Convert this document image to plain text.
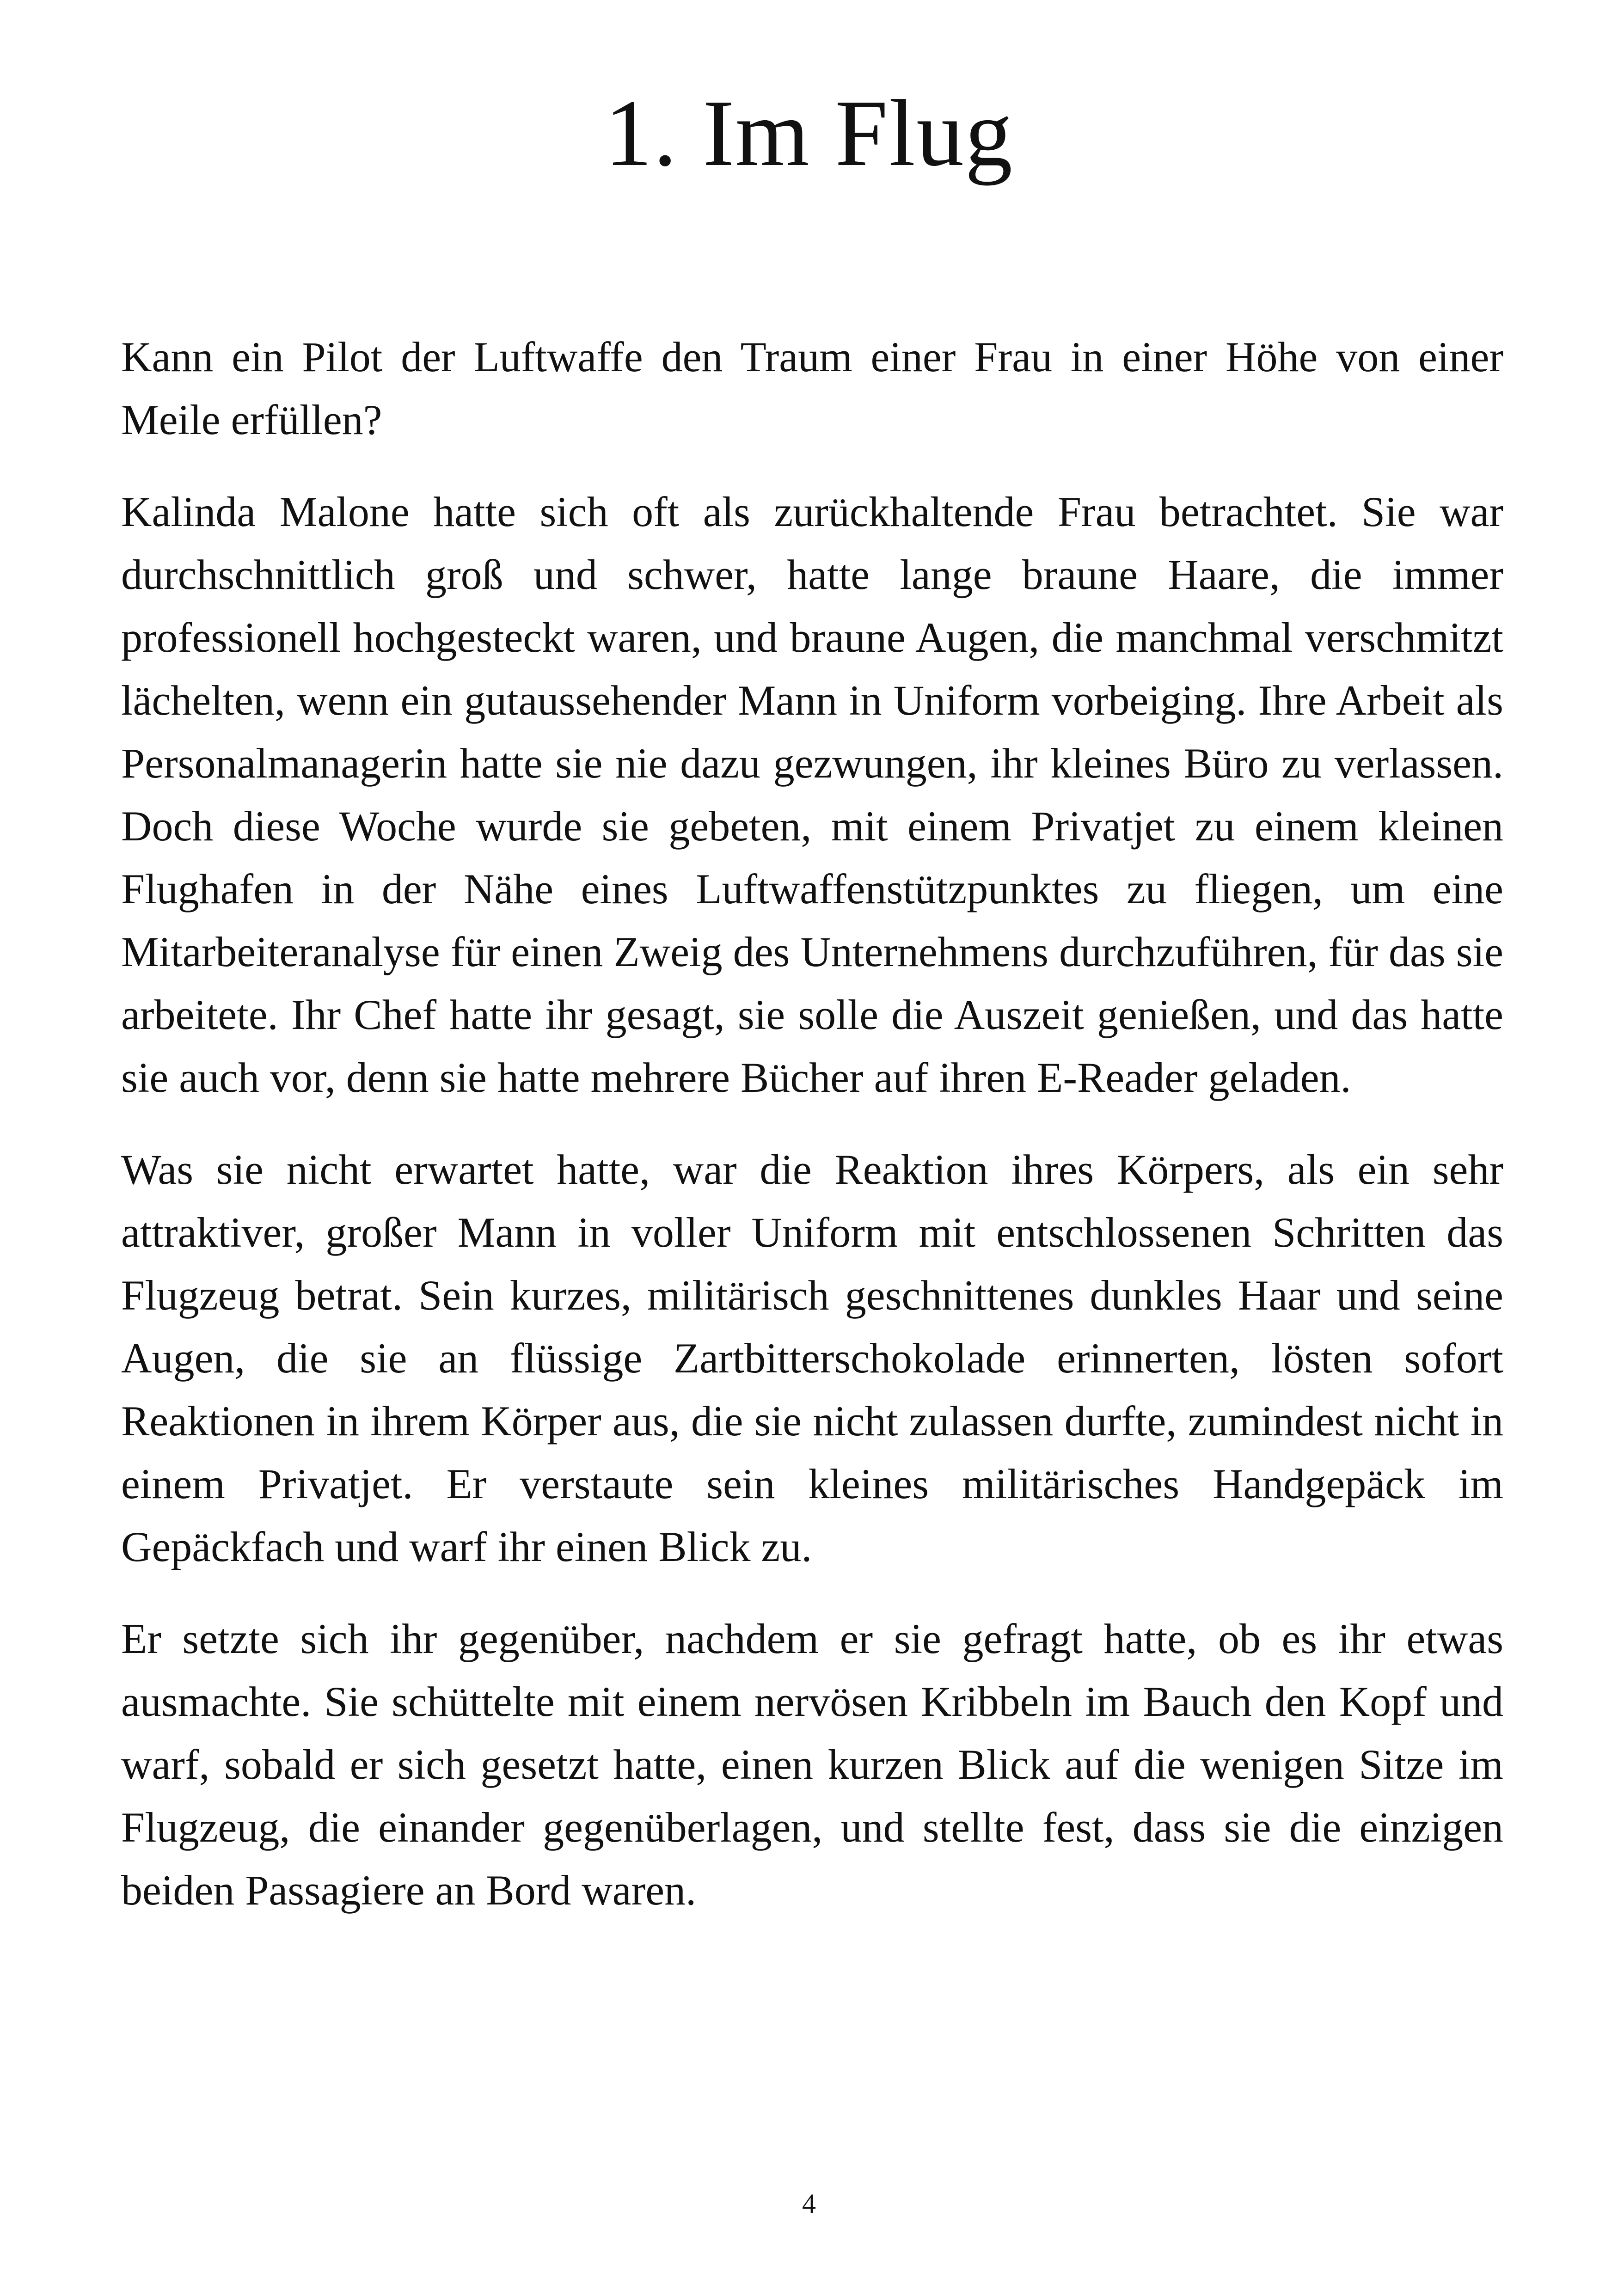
1. Im Flug

Kann ein Pilot der Luftwaffe den Traum einer Frau in einer Höhe von einer Meile erfüllen?

Kalinda Malone hatte sich oft als zurückhaltende Frau betrachtet. Sie war durchschnittlich groß und schwer, hatte lange braune Haare, die immer professionell hochgesteckt waren, und braune Augen, die manchmal verschmitzt lächelten, wenn ein gutaussehender Mann in Uniform vorbeiging. Ihre Arbeit als Personalmanagerin hatte sie nie dazu gezwungen, ihr kleines Büro zu verlassen. Doch diese Woche wurde sie gebeten, mit einem Privatjet zu einem kleinen Flughafen in der Nähe eines Luftwaffenstützpunktes zu fliegen, um eine Mitarbeiteranalyse für einen Zweig des Unternehmens durchzuführen, für das sie arbeitete. Ihr Chef hatte ihr gesagt, sie solle die Auszeit genießen, und das hatte sie auch vor, denn sie hatte mehrere Bücher auf ihren E-Reader geladen.

Was sie nicht erwartet hatte, war die Reaktion ihres Körpers, als ein sehr attraktiver, großer Mann in voller Uniform mit entschlossenen Schritten das Flugzeug betrat. Sein kurzes, militärisch geschnittenes dunkles Haar und seine Augen, die sie an flüssige Zartbitterschokolade erinnerten, lösten sofort Reaktionen in ihrem Körper aus, die sie nicht zulassen durfte, zumindest nicht in einem Privatjet. Er verstaute sein kleines militärisches Handgepäck im Gepäckfach und warf ihr einen Blick zu.

Er setzte sich ihr gegenüber, nachdem er sie gefragt hatte, ob es ihr etwas ausmachte. Sie schüttelte mit einem nervösen Kribbeln im Bauch den Kopf und warf, sobald er sich gesetzt hatte, einen kurzen Blick auf die wenigen Sitze im Flugzeug, die einander gegenüberlagen, und stellte fest, dass sie die einzigen beiden Passagiere an Bord waren.

4
